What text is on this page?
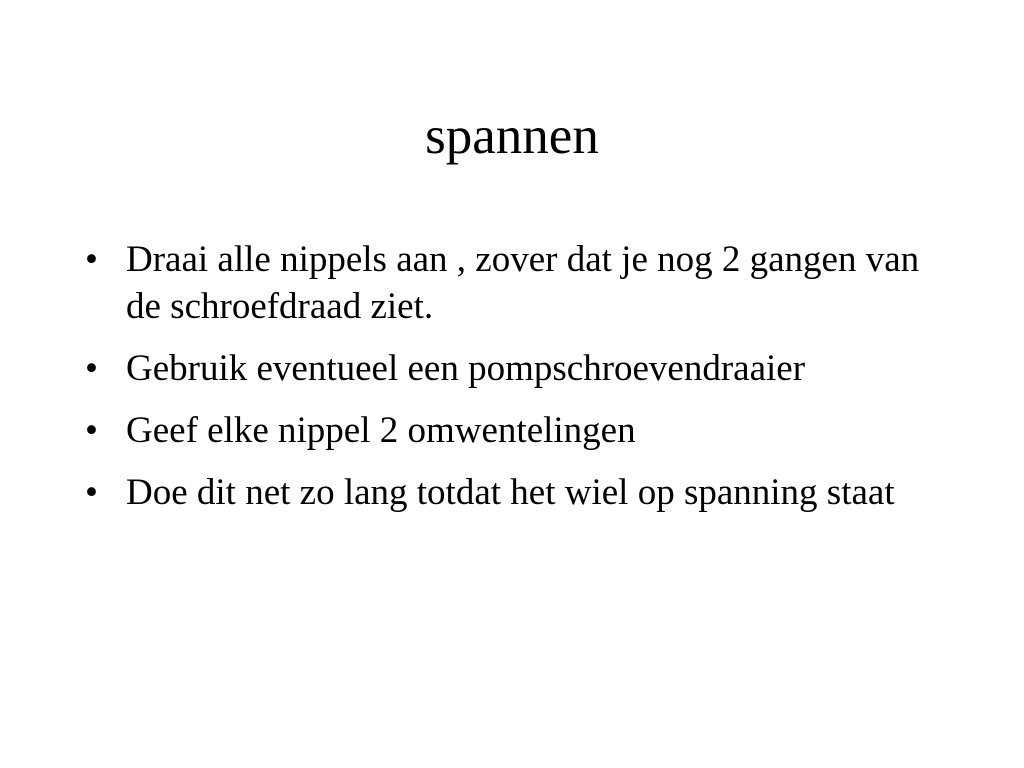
spannen
• Draai alle nippels aan , zover dat je nog 2 gangen van de schroefdraad ziet.
• Gebruik eventueel een pompschroevendraaier
• Geef elke nippel 2 omwentelingen
• Doe dit net zo lang totdat het wiel op spanning staat
